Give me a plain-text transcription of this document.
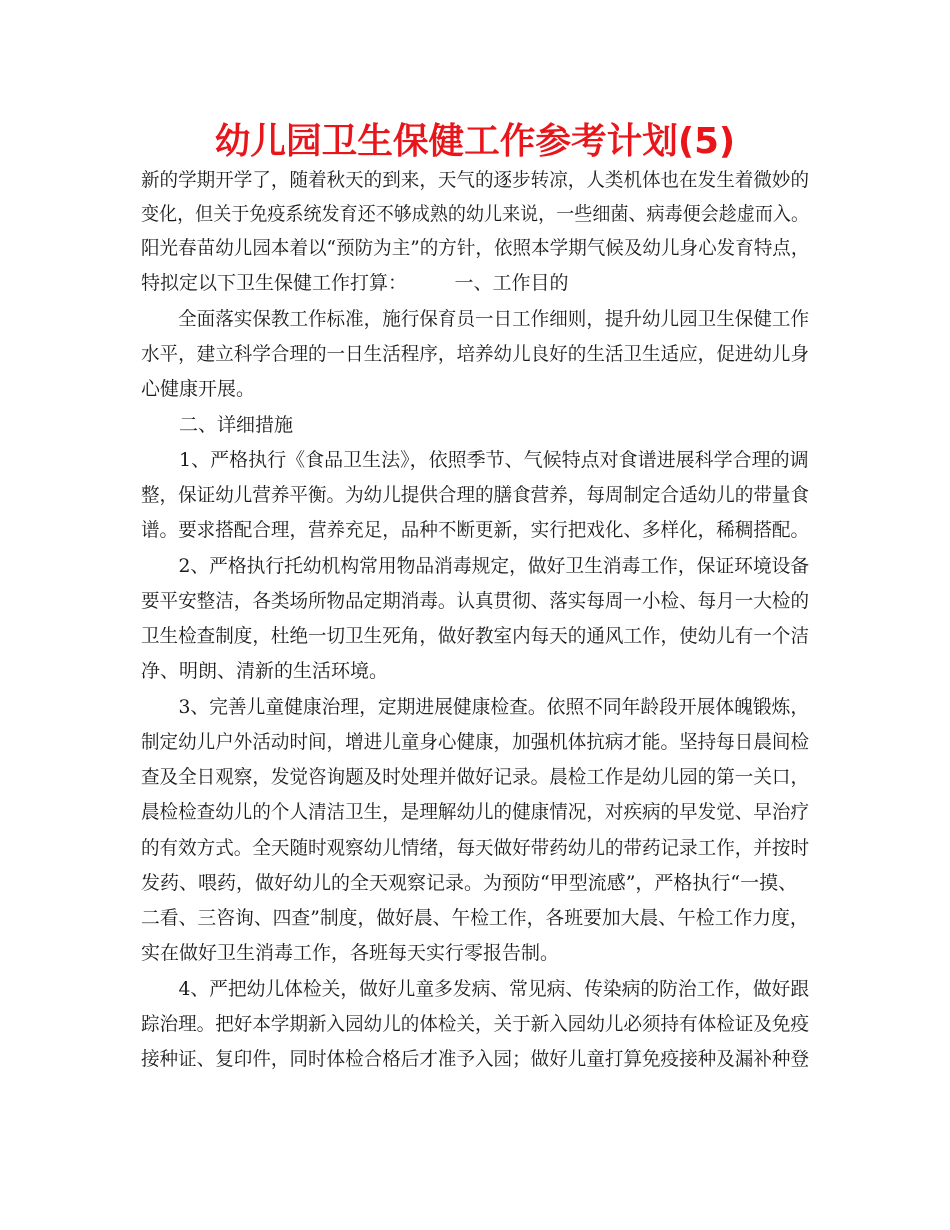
幼儿园卫生保健工作参考计划(5)
新的学期开学了，随着秋天的到来，天气的逐步转凉，人类机体也在发生着微妙的
变化，但关于免疫系统发育还不够成熟的幼儿来说，一些细菌、病毒便会趁虚而入。
阳光春苗幼儿园本着以“预防为主”的方针，依照本学期气候及幼儿身心发育特点，
特拟定以下卫生保健工作打算：　　　一、工作目的
　　全面落实保教工作标准，施行保育员一日工作细则，提升幼儿园卫生保健工作
水平，建立科学合理的一日生活程序，培养幼儿良好的生活卫生适应，促进幼儿身
心健康开展。
　　二、详细措施
　　1、严格执行《食品卫生法》，依照季节、气候特点对食谱进展科学合理的调
整，保证幼儿营养平衡。为幼儿提供合理的膳食营养，每周制定合适幼儿的带量食
谱。要求搭配合理，营养充足，品种不断更新，实行把戏化、多样化，稀稠搭配。
　　2、严格执行托幼机构常用物品消毒规定，做好卫生消毒工作，保证环境设备
要平安整洁，各类场所物品定期消毒。认真贯彻、落实每周一小检、每月一大检的
卫生检查制度，杜绝一切卫生死角，做好教室内每天的通风工作，使幼儿有一个洁
净、明朗、清新的生活环境。
　　3、完善儿童健康治理，定期进展健康检查。依照不同年龄段开展体魄锻炼，
制定幼儿户外活动时间，增进儿童身心健康，加强机体抗病才能。坚持每日晨间检
查及全日观察，发觉咨询题及时处理并做好记录。晨检工作是幼儿园的第一关口，
晨检检查幼儿的个人清洁卫生，是理解幼儿的健康情况，对疾病的早发觉、早治疗
的有效方式。全天随时观察幼儿情绪，每天做好带药幼儿的带药记录工作，并按时
发药、喂药，做好幼儿的全天观察记录。为预防“甲型流感”，严格执行“一摸、
二看、三咨询、四查”制度，做好晨、午检工作，各班要加大晨、午检工作力度，
实在做好卫生消毒工作，各班每天实行零报告制。
　　4、严把幼儿体检关，做好儿童多发病、常见病、传染病的防治工作，做好跟
踪治理。把好本学期新入园幼儿的体检关，关于新入园幼儿必须持有体检证及免疫
接种证、复印件，同时体检合格后才准予入园；做好儿童打算免疫接种及漏补种登
